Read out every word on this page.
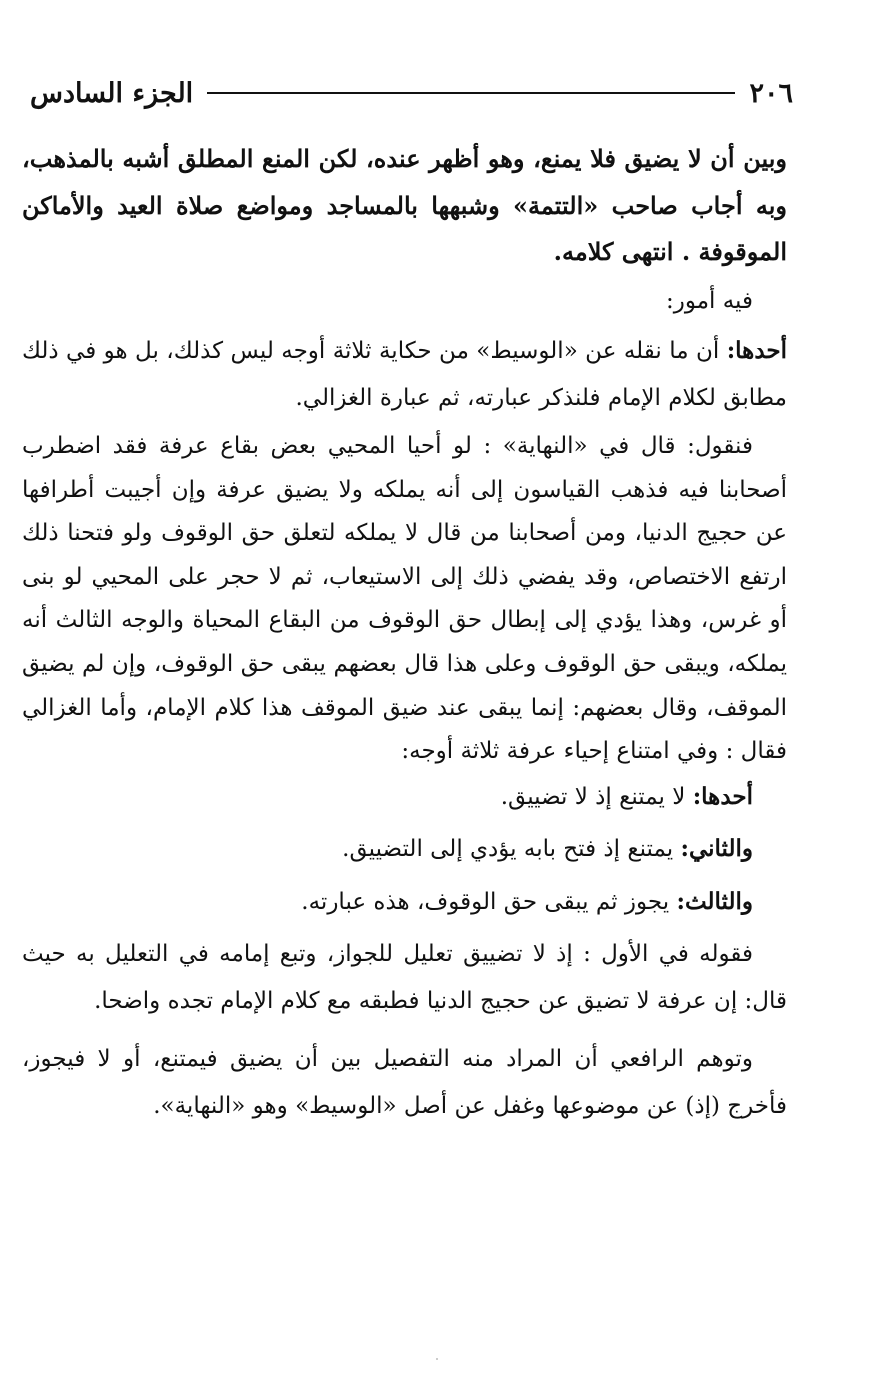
٢٠٦
الجزء السادس

وبين أن لا يضيق فلا يمنع، وهو أظهر عنده، لكن المنع المطلق أشبه بالمذهب، وبه أجاب صاحب «التتمة» وشبهها بالمساجد ومواضع صلاة العيد والأماكن الموقوفة . انتهى كلامه.

فيه أمور:

أحدها: أن ما نقله عن «الوسيط» من حكاية ثلاثة أوجه ليس كذلك، بل هو في ذلك مطابق لكلام الإمام فلنذكر عبارته، ثم عبارة الغزالي.

فنقول: قال في «النهاية» : لو أحيا المحيي بعض بقاع عرفة فقد اضطرب أصحابنا فيه فذهب القياسون إلى أنه يملكه ولا يضيق عرفة وإن أجيبت أطرافها عن حجيج الدنيا، ومن أصحابنا من قال لا يملكه لتعلق حق الوقوف ولو فتحنا ذلك ارتفع الاختصاص، وقد يفضي ذلك إلى الاستيعاب، ثم لا حجر على المحيي لو بنى أو غرس، وهذا يؤدي إلى إبطال حق الوقوف من البقاع المحياة والوجه الثالث أنه يملكه، ويبقى حق الوقوف وعلى هذا قال بعضهم يبقى حق الوقوف، وإن لم يضيق الموقف، وقال بعضهم: إنما يبقى عند ضيق الموقف هذا كلام الإمام، وأما الغزالي فقال : وفي امتناع إحياء عرفة ثلاثة أوجه:

أحدها: لا يمتنع إذ لا تضييق.

والثاني: يمتنع إذ فتح بابه يؤدي إلى التضييق.

والثالث: يجوز ثم يبقى حق الوقوف، هذه عبارته.

فقوله في الأول : إذ لا تضييق تعليل للجواز، وتبع إمامه في التعليل به حيث قال: إن عرفة لا تضيق عن حجيج الدنيا فطبقه مع كلام الإمام تجده واضحا.

وتوهم الرافعي أن المراد منه التفصيل بين أن يضيق فيمتنع، أو لا فيجوز، فأخرج (إذ) عن موضوعها وغفل عن أصل «الوسيط» وهو «النهاية».
